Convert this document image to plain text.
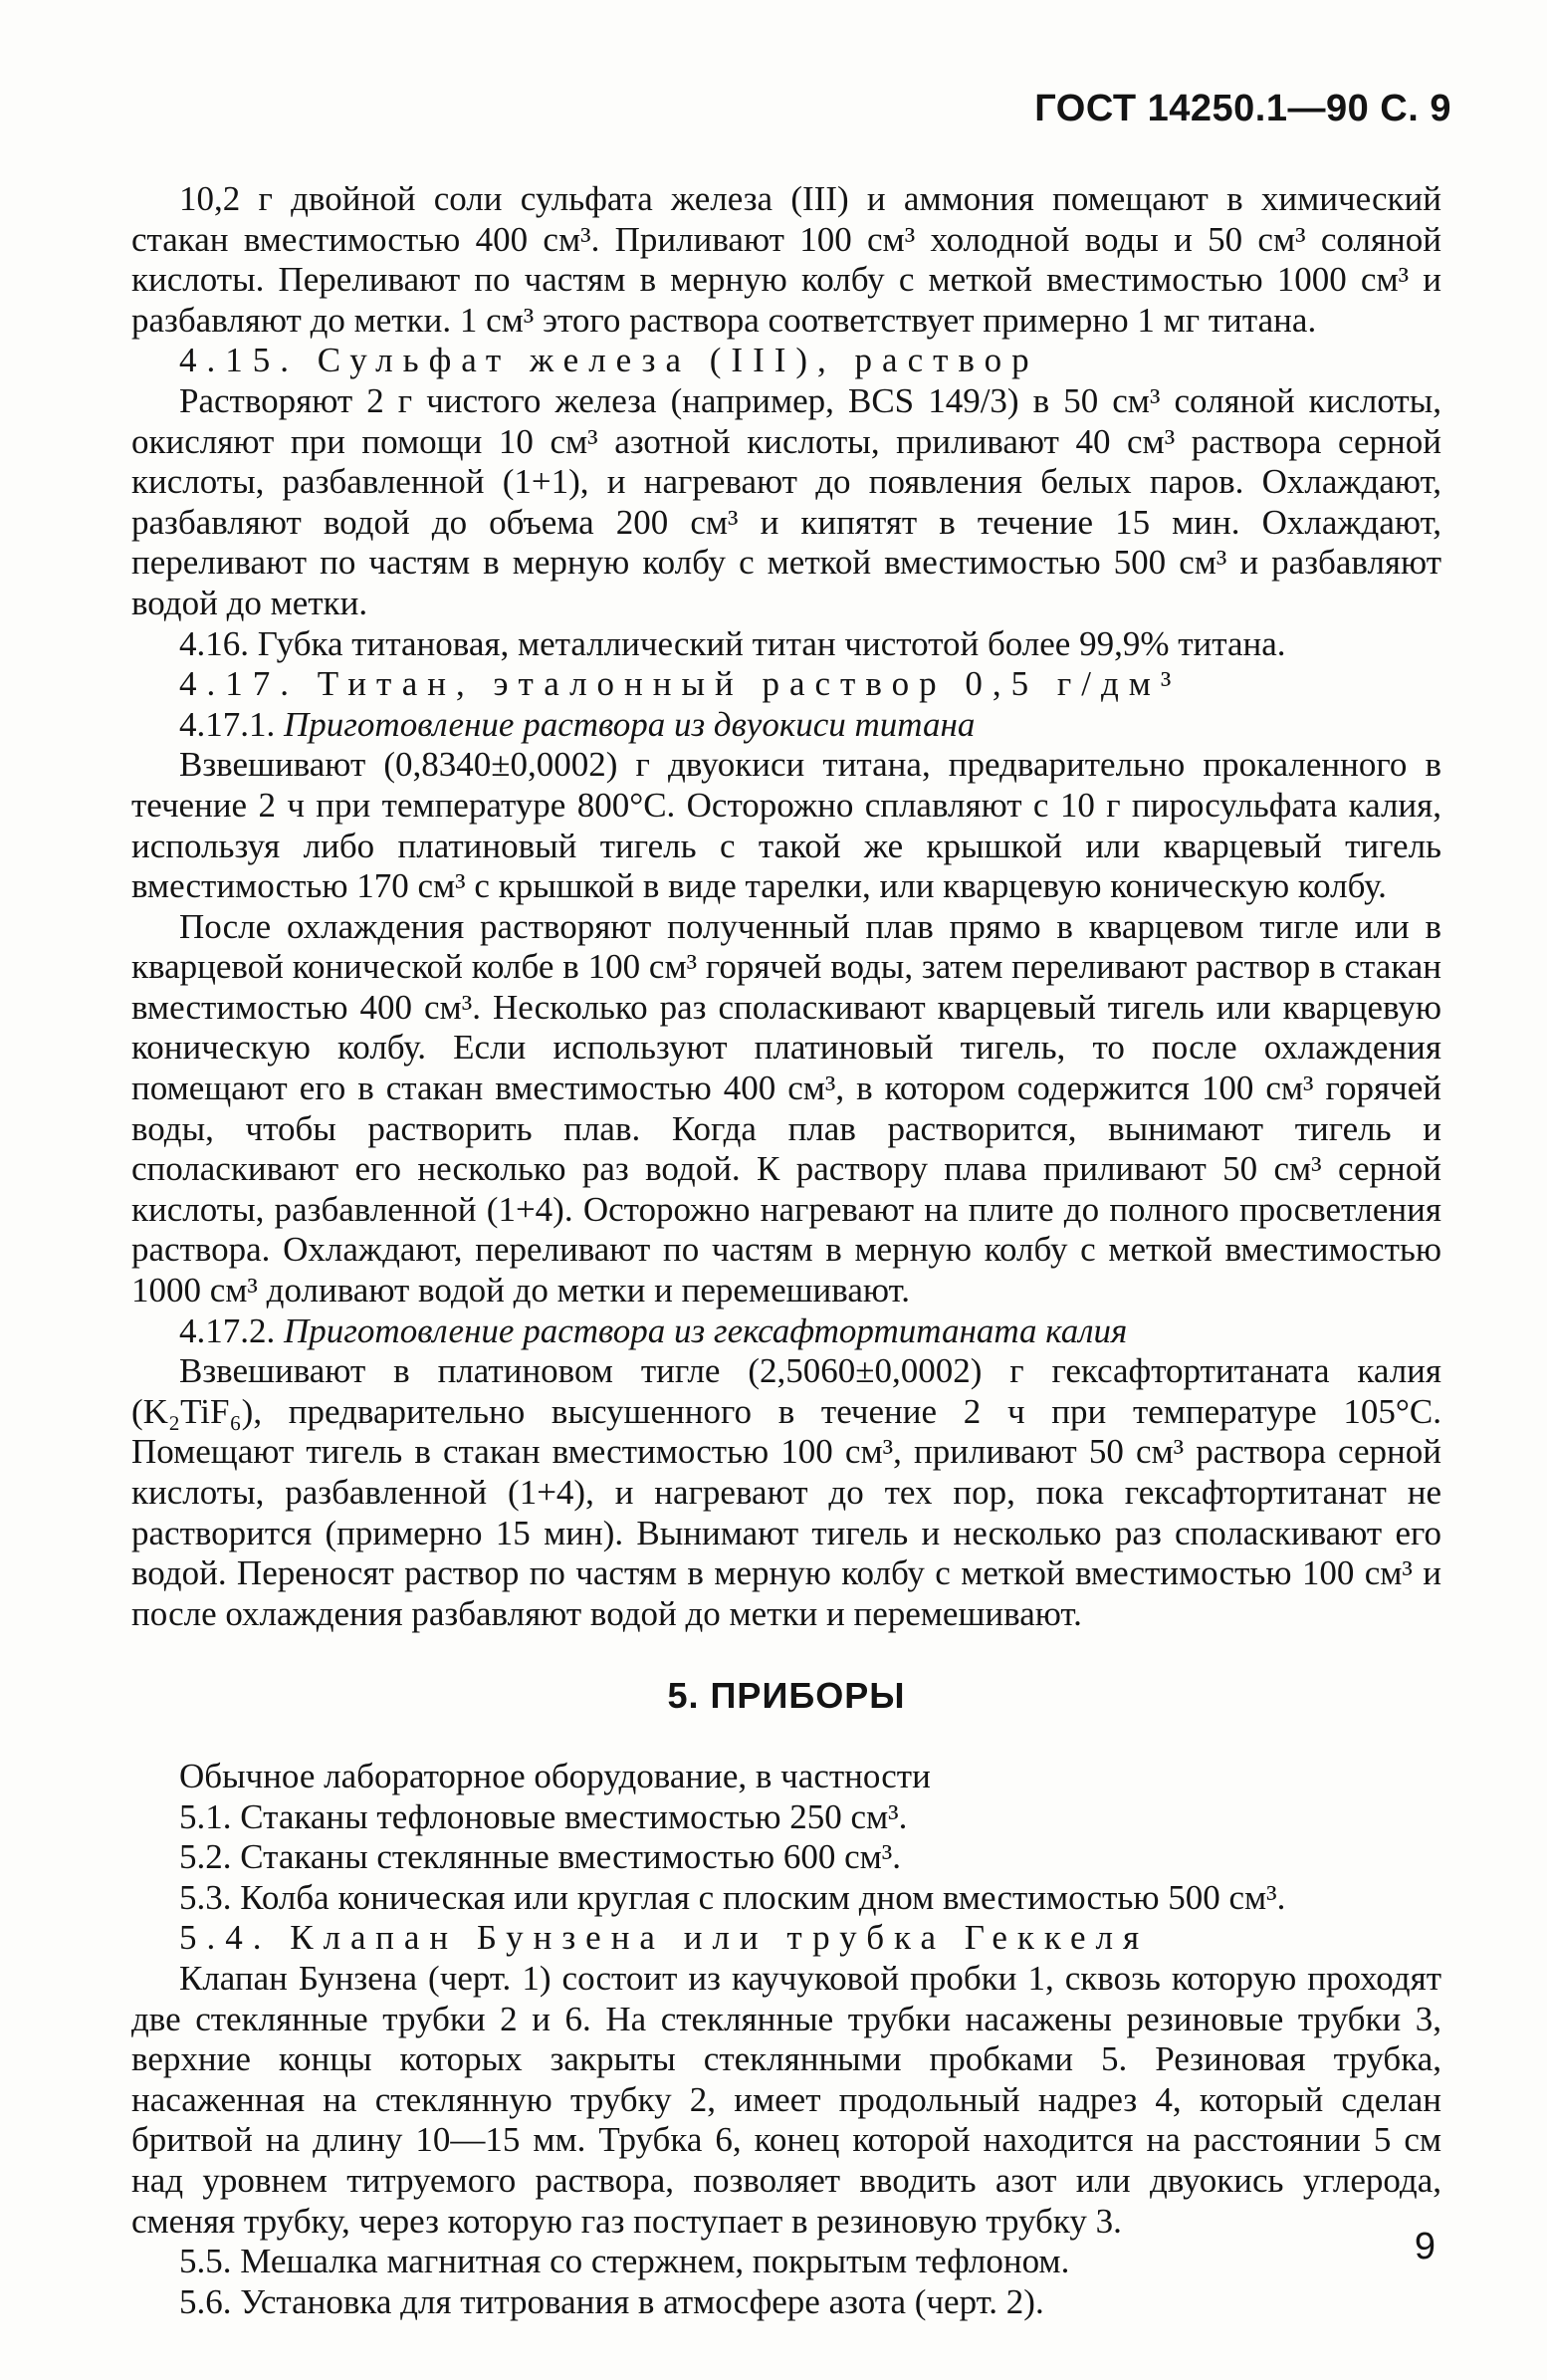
ГОСТ 14250.1—90 С. 9

10,2 г двойной соли сульфата железа (III) и аммония помещают в химический стакан вместимостью 400 см³. Приливают 100 см³ холодной воды и 50 см³ соляной кислоты. Переливают по частям в мерную колбу с меткой вместимостью 1000 см³ и разбавляют до метки. 1 см³ этого раствора соответствует примерно 1 мг титана.

4.15. Сульфат железа (III), раствор

Растворяют 2 г чистого железа (например, BCS 149/3) в 50 см³ соляной кислоты, окисляют при помощи 10 см³ азотной кислоты, приливают 40 см³ раствора серной кислоты, разбавленной (1+1), и нагревают до появления белых паров. Охлаждают, разбавляют водой до объема 200 см³ и кипятят в течение 15 мин. Охлаждают, переливают по частям в мерную колбу с меткой вместимостью 500 см³ и разбавляют водой до метки.

4.16. Губка титановая, металлический титан чистотой более 99,9% титана.

4.17. Титан, эталонный раствор 0,5 г/дм³

4.17.1. Приготовление раствора из двуокиси титана

Взвешивают (0,8340±0,0002) г двуокиси титана, предварительно прокаленного в течение 2 ч при температуре 800°С. Осторожно сплавляют с 10 г пиросульфата калия, используя либо платиновый тигель с такой же крышкой или кварцевый тигель вместимостью 170 см³ с крышкой в виде тарелки, или кварцевую коническую колбу.

После охлаждения растворяют полученный плав прямо в кварцевом тигле или в кварцевой конической колбе в 100 см³ горячей воды, затем переливают раствор в стакан вместимостью 400 см³. Несколько раз споласкивают кварцевый тигель или кварцевую коническую колбу. Если используют платиновый тигель, то после охлаждения помещают его в стакан вместимостью 400 см³, в котором содержится 100 см³ горячей воды, чтобы растворить плав. Когда плав растворится, вынимают тигель и споласкивают его несколько раз водой. К раствору плава приливают 50 см³ серной кислоты, разбавленной (1+4). Осторожно нагревают на плите до полного просветления раствора. Охлаждают, переливают по частям в мерную колбу с меткой вместимостью 1000 см³ доливают водой до метки и перемешивают.

4.17.2. Приготовление раствора из гексафтортитаната калия

Взвешивают в платиновом тигле (2,5060±0,0002) г гексафтортитаната калия (K₂TiF₆), предварительно высушенного в течение 2 ч при температуре 105°С. Помещают тигель в стакан вместимостью 100 см³, приливают 50 см³ раствора серной кислоты, разбавленной (1+4), и нагревают до тех пор, пока гексафтортитанат не растворится (примерно 15 мин). Вынимают тигель и несколько раз споласкивают его водой. Переносят раствор по частям в мерную колбу с меткой вместимостью 100 см³ и после охлаждения разбавляют водой до метки и перемешивают.

5. ПРИБОРЫ

Обычное лабораторное оборудование, в частности

5.1. Стаканы тефлоновые вместимостью 250 см³.

5.2. Стаканы стеклянные вместимостью 600 см³.

5.3. Колба коническая или круглая с плоским дном вместимостью 500 см³.

5.4. Клапан Бунзена или трубка Геккеля

Клапан Бунзена (черт. 1) состоит из каучуковой пробки 1, сквозь которую проходят две стеклянные трубки 2 и 6. На стеклянные трубки насажены резиновые трубки 3, верхние концы которых закрыты стеклянными пробками 5. Резиновая трубка, насаженная на стеклянную трубку 2, имеет продольный надрез 4, который сделан бритвой на длину 10—15 мм. Трубка 6, конец которой находится на расстоянии 5 см над уровнем титруемого раствора, позволяет вводить азот или двуокись углерода, сменяя трубку, через которую газ поступает в резиновую трубку 3.

5.5. Мешалка магнитная со стержнем, покрытым тефлоном.

5.6. Установка для титрования в атмосфере азота (черт. 2).

9
